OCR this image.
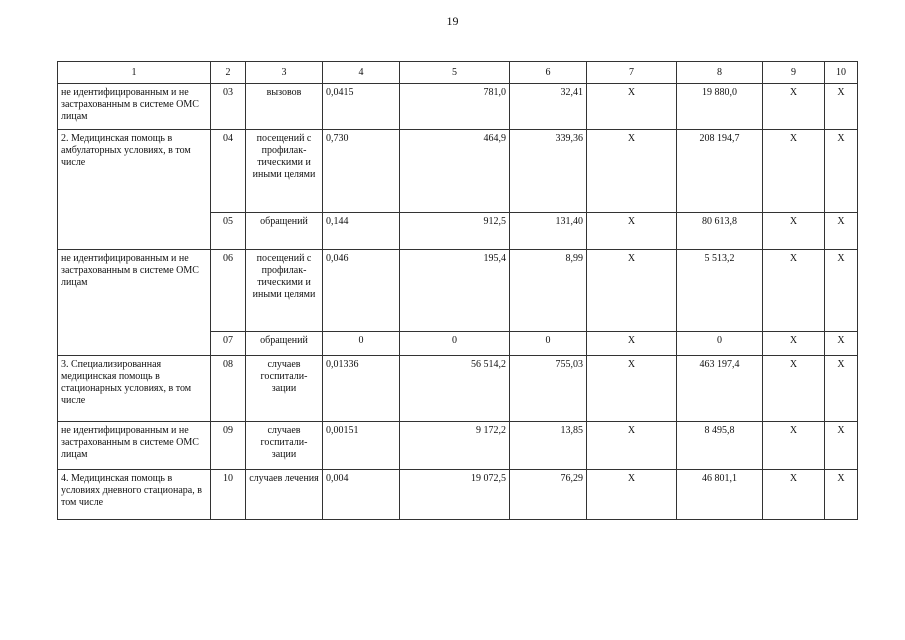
19
1	2	3	4	5	6	7	8	9	10
не идентифицированным и не застрахованным в системе ОМС лицам	03	вызовов	0,0415	781,0	32,41	Х	19 880,0	Х	Х
2. Медицинская помощь в амбулаторных условиях, в том числе	04	посещений с профилак-тическими и иными целями	0,730	464,9	339,36	Х	208 194,7	Х	Х
	05	обращений	0,144	912,5	131,40	Х	80 613,8	Х	Х
не идентифицированным и не застрахованным в системе ОМС лицам	06	посещений с профилак-тическими и иными целями	0,046	195,4	8,99	Х	5 513,2	Х	Х
	07	обращений	0	0	0	Х	0	Х	Х
3. Специализированная медицинская помощь в стационарных условиях, в том числе	08	случаев госпитали-зации	0,01336	56 514,2	755,03	Х	463 197,4	Х	Х
не идентифицированным и не застрахованным в системе ОМС лицам	09	случаев госпитали-зации	0,00151	9 172,2	13,85	Х	8 495,8	Х	Х
4. Медицинская помощь в условиях дневного стационара, в том числе	10	случаев лечения	0,004	19 072,5	76,29	Х	46 801,1	Х	Х
